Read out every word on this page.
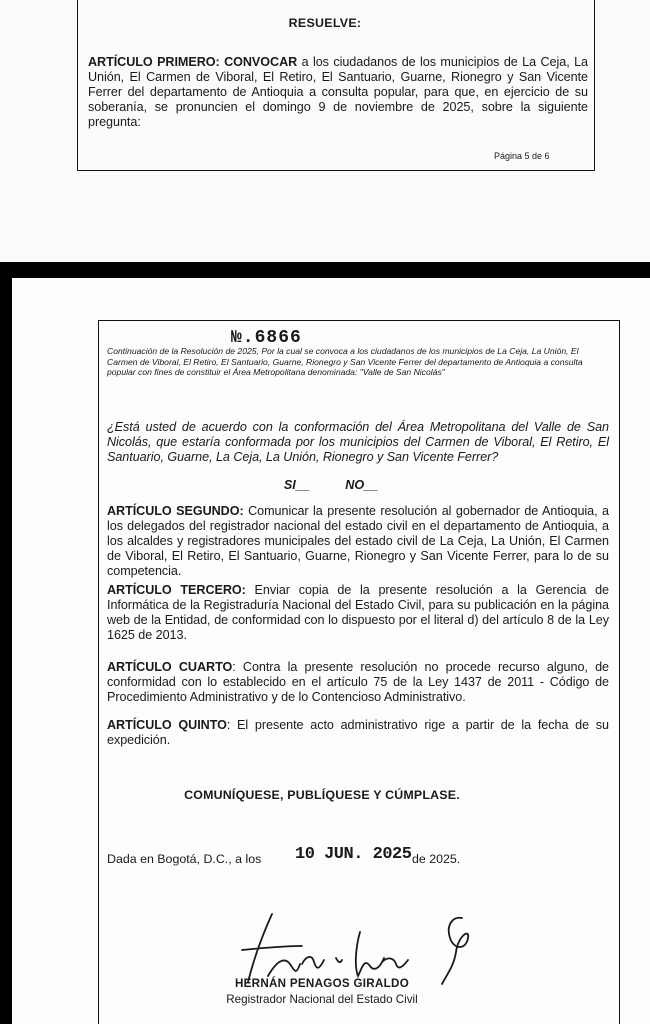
RESUELVE:
ARTÍCULO PRIMERO: CONVOCAR a los ciudadanos de los municipios de La Ceja, La Unión, El Carmen de Viboral, El Retiro, El Santuario, Guarne, Rionegro y San Vicente Ferrer del departamento de Antioquia a consulta popular, para que, en ejercicio de su soberanía, se pronuncien el domingo 9 de noviembre de 2025, sobre la siguiente pregunta:
Página 5 de 6
№.6866
Continuación de la Resolución de 2025, Por la cual se convoca a los ciudadanos de los municipios de La Ceja, La Unión, El Carmen de Viboral, El Retiro, El Santuario, Guarne, Rionegro y San Vicente Ferrer del departamento de Antioquia a consulta popular con fines de constituir el Área Metropolitana denominada: "Valle de San Nicolás"
¿Está usted de acuerdo con la conformación del Área Metropolitana del Valle de San Nicolás, que estaría conformada por los municipios del Carmen de Viboral, El Retiro, El Santuario, Guarne, La Ceja, La Unión, Rionegro y San Vicente Ferrer?
SI__	NO__
ARTÍCULO SEGUNDO: Comunicar la presente resolución al gobernador de Antioquia, a los delegados del registrador nacional del estado civil en el departamento de Antioquia, a los alcaldes y registradores municipales del estado civil de La Ceja, La Unión, El Carmen de Viboral, El Retiro, El Santuario, Guarne, Rionegro y San Vicente Ferrer, para lo de su competencia.
ARTÍCULO TERCERO: Enviar copia de la presente resolución a la Gerencia de Informática de la Registraduría Nacional del Estado Civil, para su publicación en la página web de la Entidad, de conformidad con lo dispuesto por el literal d) del artículo 8 de la Ley 1625 de 2013.
ARTÍCULO CUARTO: Contra la presente resolución no procede recurso alguno, de conformidad con lo establecido en el artículo 75 de la Ley 1437 de 2011 - Código de Procedimiento Administrativo y de lo Contencioso Administrativo.
ARTÍCULO QUINTO: El presente acto administrativo rige a partir de la fecha de su expedición.
COMUNÍQUESE, PUBLÍQUESE Y CÚMPLASE.
Dada en Bogotá, D.C., a los 10 JUN. 2025 de 2025.
HERNÁN PENAGOS GIRALDO
Registrador Nacional del Estado Civil
